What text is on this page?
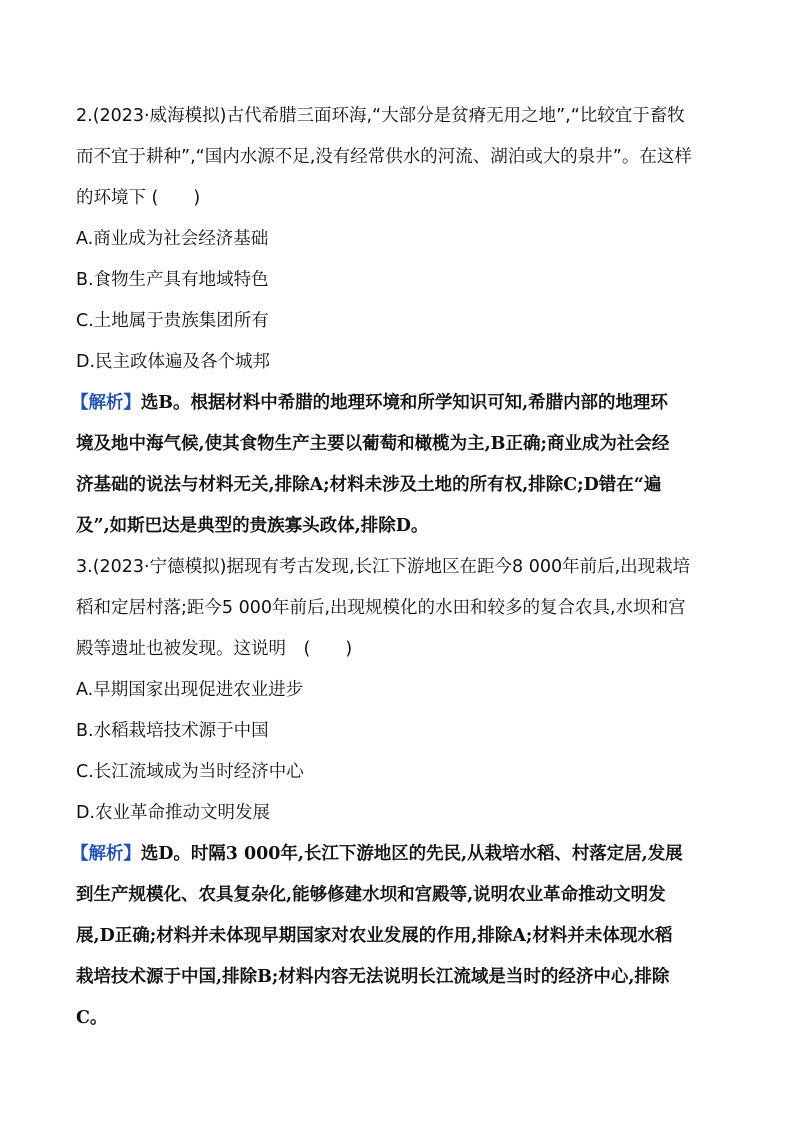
2.(2023·威海模拟)古代希腊三面环海,“大部分是贫瘠无用之地”,“比较宜于畜牧
而不宜于耕种”,“国内水源不足,没有经常供水的河流、湖泊或大的泉井”。在这样
的环境下 (　　)
A.商业成为社会经济基础
B.食物生产具有地域特色
C.土地属于贵族集团所有
D.民主政体遍及各个城邦
【解析】选B。根据材料中希腊的地理环境和所学知识可知,希腊内部的地理环
境及地中海气候,使其食物生产主要以葡萄和橄榄为主,B正确;商业成为社会经
济基础的说法与材料无关,排除A;材料未涉及土地的所有权,排除C;D错在“遍
及”,如斯巴达是典型的贵族寡头政体,排除D。
3.(2023·宁德模拟)据现有考古发现,长江下游地区在距今8 000年前后,出现栽培
稻和定居村落;距今5 000年前后,出现规模化的水田和较多的复合农具,水坝和宫
殿等遗址也被发现。这说明　(　　)
A.早期国家出现促进农业进步
B.水稻栽培技术源于中国
C.长江流域成为当时经济中心
D.农业革命推动文明发展
【解析】选D。时隔3 000年,长江下游地区的先民,从栽培水稻、村落定居,发展
到生产规模化、农具复杂化,能够修建水坝和宫殿等,说明农业革命推动文明发
展,D正确;材料并未体现早期国家对农业发展的作用,排除A;材料并未体现水稻
栽培技术源于中国,排除B;材料内容无法说明长江流域是当时的经济中心,排除
C。
